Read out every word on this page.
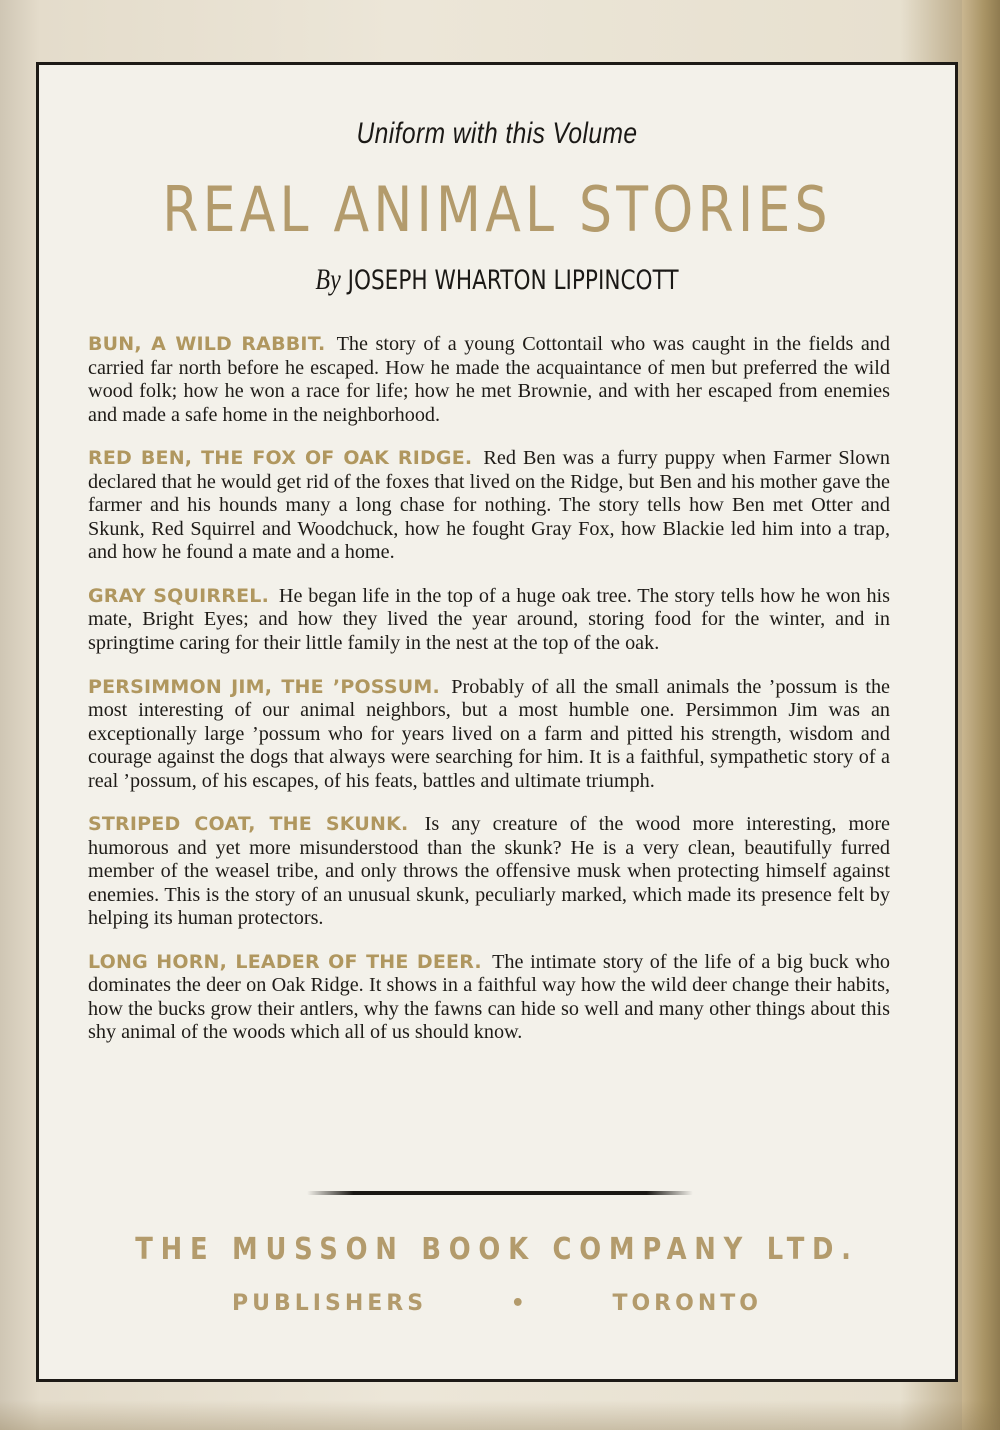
Uniform with this Volume
REAL ANIMAL STORIES
By JOSEPH WHARTON LIPPINCOTT

BUN, A WILD RABBIT. The story of a young Cottontail who was caught in the fields and carried far north before he escaped. How he made the acquaintance of men but preferred the wild wood folk; how he won a race for life; how he met Brownie, and with her escaped from enemies and made a safe home in the neighborhood.

RED BEN, THE FOX OF OAK RIDGE. Red Ben was a furry puppy when Farmer Slown declared that he would get rid of the foxes that lived on the Ridge, but Ben and his mother gave the farmer and his hounds many a long chase for nothing. The story tells how Ben met Otter and Skunk, Red Squirrel and Woodchuck, how he fought Gray Fox, how Blackie led him into a trap, and how he found a mate and a home.

GRAY SQUIRREL. He began life in the top of a huge oak tree. The story tells how he won his mate, Bright Eyes; and how they lived the year around, storing food for the winter, and in springtime caring for their little family in the nest at the top of the oak.

PERSIMMON JIM, THE ’POSSUM. Probably of all the small animals the ’possum is the most interesting of our animal neighbors, but a most humble one. Persimmon Jim was an exceptionally large ’possum who for years lived on a farm and pitted his strength, wisdom and courage against the dogs that always were searching for him. It is a faithful, sympathetic story of a real ’possum, of his escapes, of his feats, battles and ultimate triumph.

STRIPED COAT, THE SKUNK. Is any creature of the wood more interesting, more humorous and yet more misunderstood than the skunk? He is a very clean, beautifully furred member of the weasel tribe, and only throws the offensive musk when protecting himself against enemies. This is the story of an unusual skunk, peculiarly marked, which made its presence felt by helping its human protectors.

LONG HORN, LEADER OF THE DEER. The intimate story of the life of a big buck who dominates the deer on Oak Ridge. It shows in a faithful way how the wild deer change their habits, how the bucks grow their antlers, why the fawns can hide so well and many other things about this shy animal of the woods which all of us should know.

THE MUSSON BOOK COMPANY LTD.
PUBLISHERS	•	TORONTO
